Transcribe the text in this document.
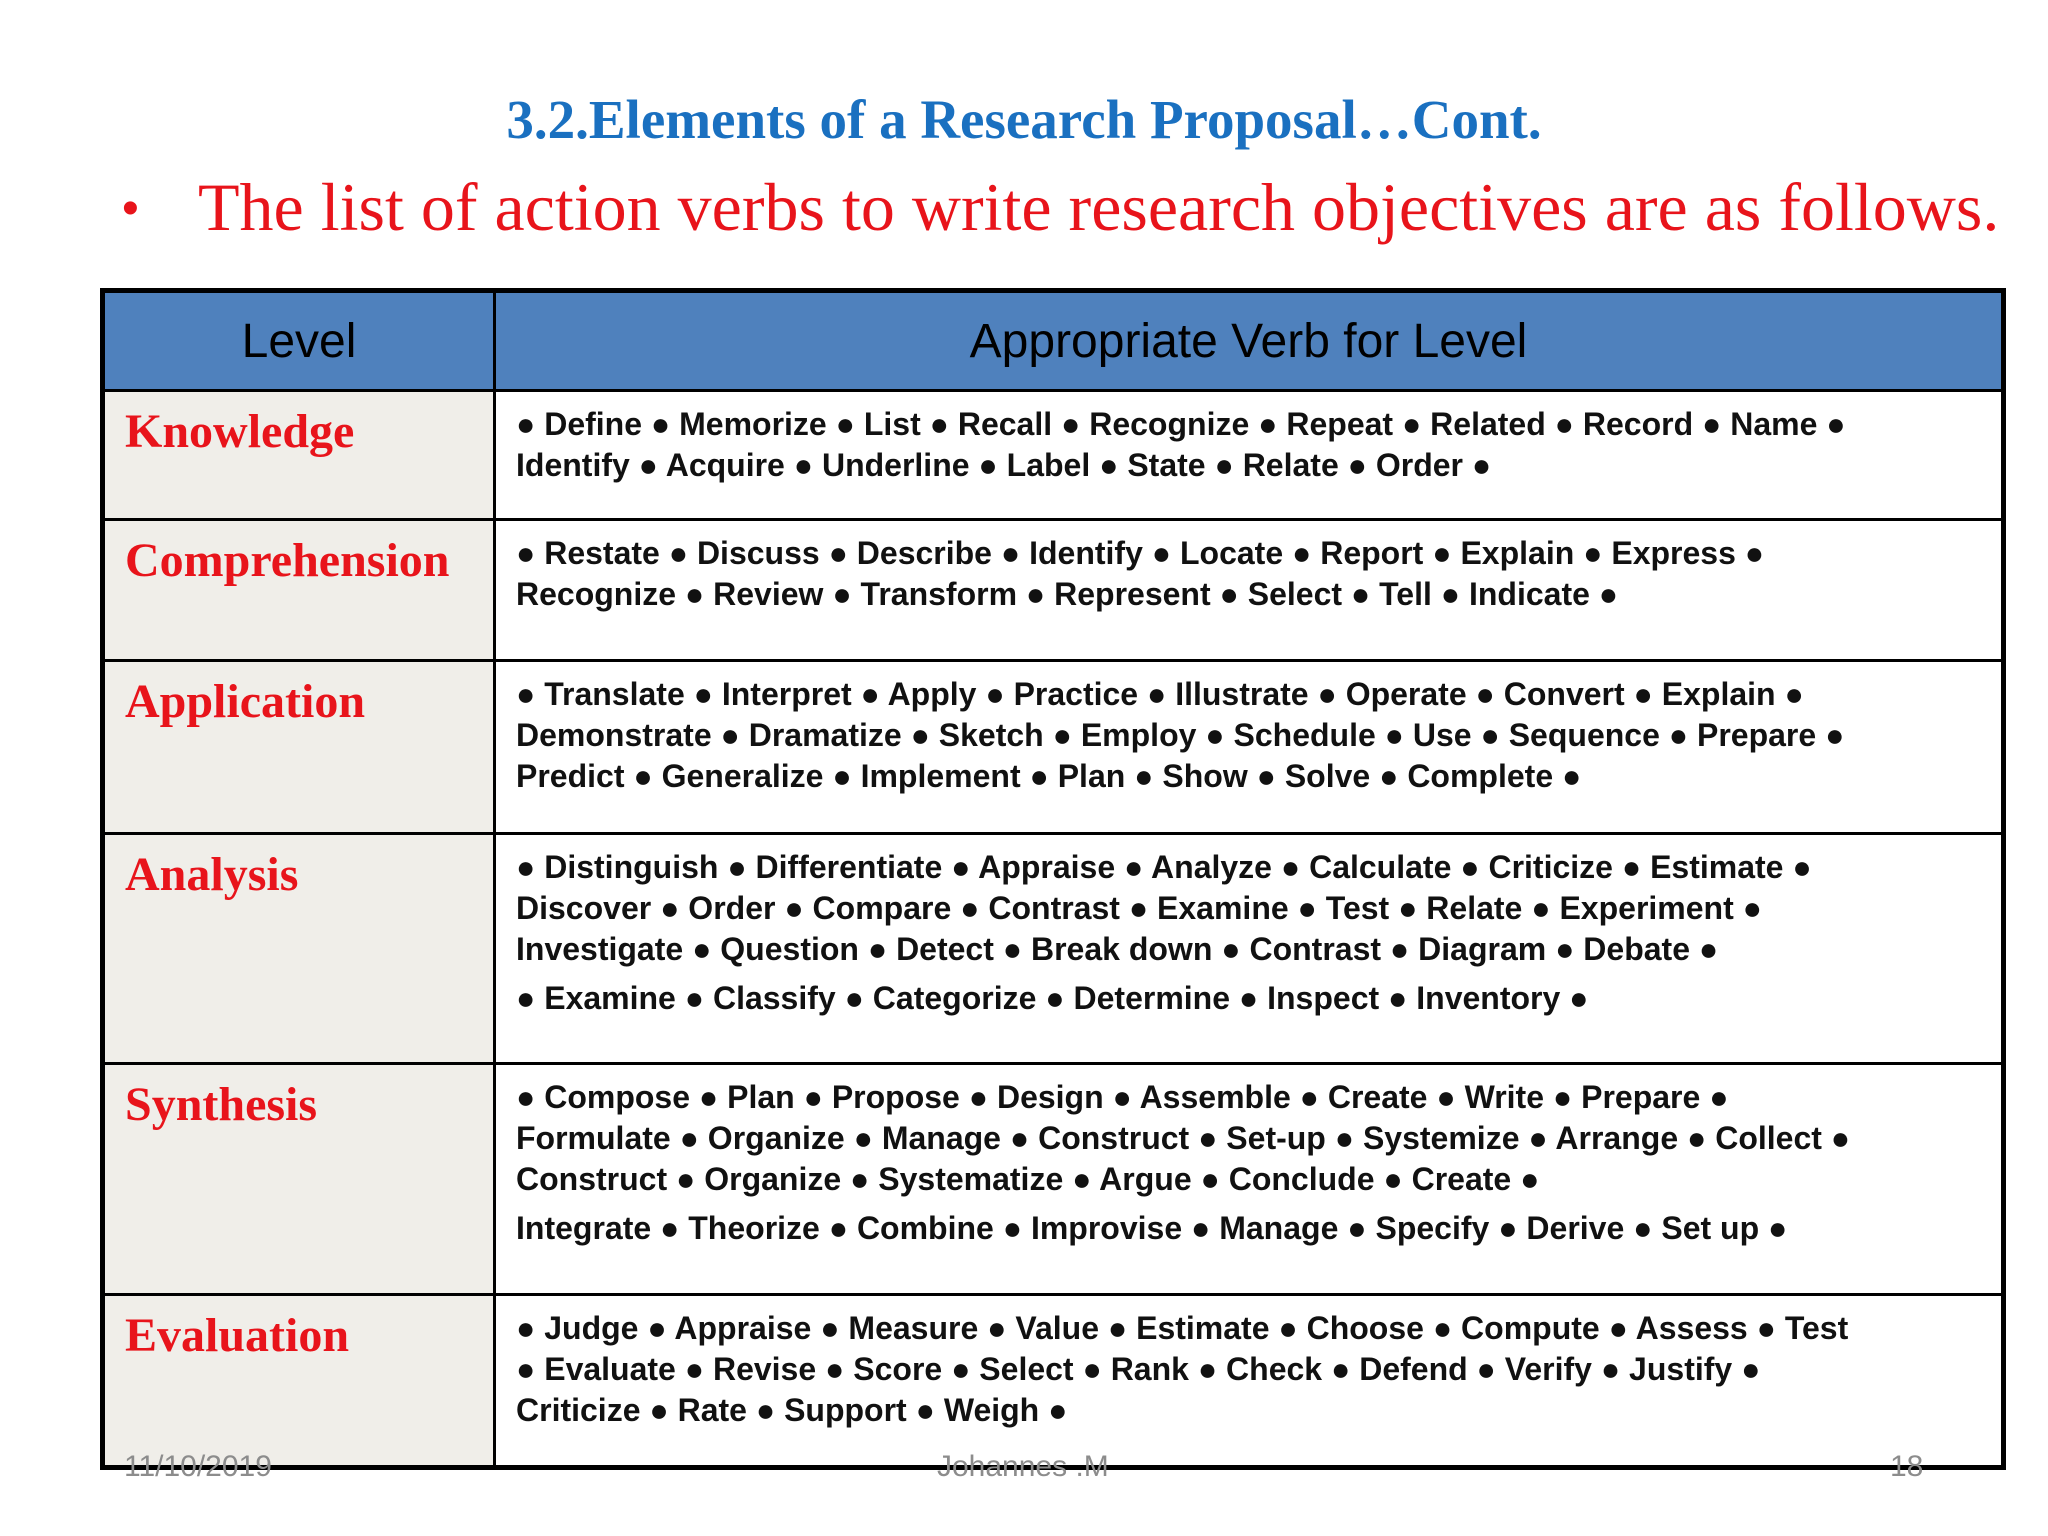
3.2.Elements of a Research Proposal…Cont.
• The list of action verbs to write research objectives are as follows.
Level	Appropriate Verb for Level
Knowledge	● Define ● Memorize ● List ● Recall ● Recognize ● Repeat ● Related ● Record ● Name ●
Identify ● Acquire ● Underline ● Label ● State ● Relate ● Order ●

Comprehension	● Restate ● Discuss ● Describe ● Identify ● Locate ● Report ● Explain ● Express ●
Recognize ● Review ● Transform ● Represent ● Select ● Tell ● Indicate ●

Application	● Translate ● Interpret ● Apply ● Practice ● Illustrate ● Operate ● Convert ● Explain ●
Demonstrate ● Dramatize ● Sketch ● Employ ● Schedule ● Use ● Sequence ● Prepare ●
Predict ● Generalize ● Implement ● Plan ● Show ● Solve ● Complete ●

Analysis	● Distinguish ● Differentiate ● Appraise ● Analyze ● Calculate ● Criticize ● Estimate ●
Discover ● Order ● Compare ● Contrast ● Examine ● Test ● Relate ● Experiment ●
Investigate ● Question ● Detect ● Break down ● Contrast ● Diagram ● Debate ●
● Examine ● Classify ● Categorize ● Determine ● Inspect ● Inventory ●

Synthesis	● Compose ● Plan ● Propose ● Design ● Assemble ● Create ● Write ● Prepare ●
Formulate ● Organize ● Manage ● Construct ● Set-up ● Systemize ● Arrange ● Collect ●
Construct ● Organize ● Systematize ● Argue ● Conclude ● Create ●
Integrate ● Theorize ● Combine ● Improvise ● Manage ● Specify ● Derive ● Set up ●

Evaluation	● Judge ● Appraise ● Measure ● Value ● Estimate ● Choose ● Compute ● Assess ● Test
● Evaluate ● Revise ● Score ● Select ● Rank ● Check ● Defend ● Verify ● Justify ●
Criticize ● Rate ● Support ● Weigh ●
11/10/2019	Johannes .M	18
